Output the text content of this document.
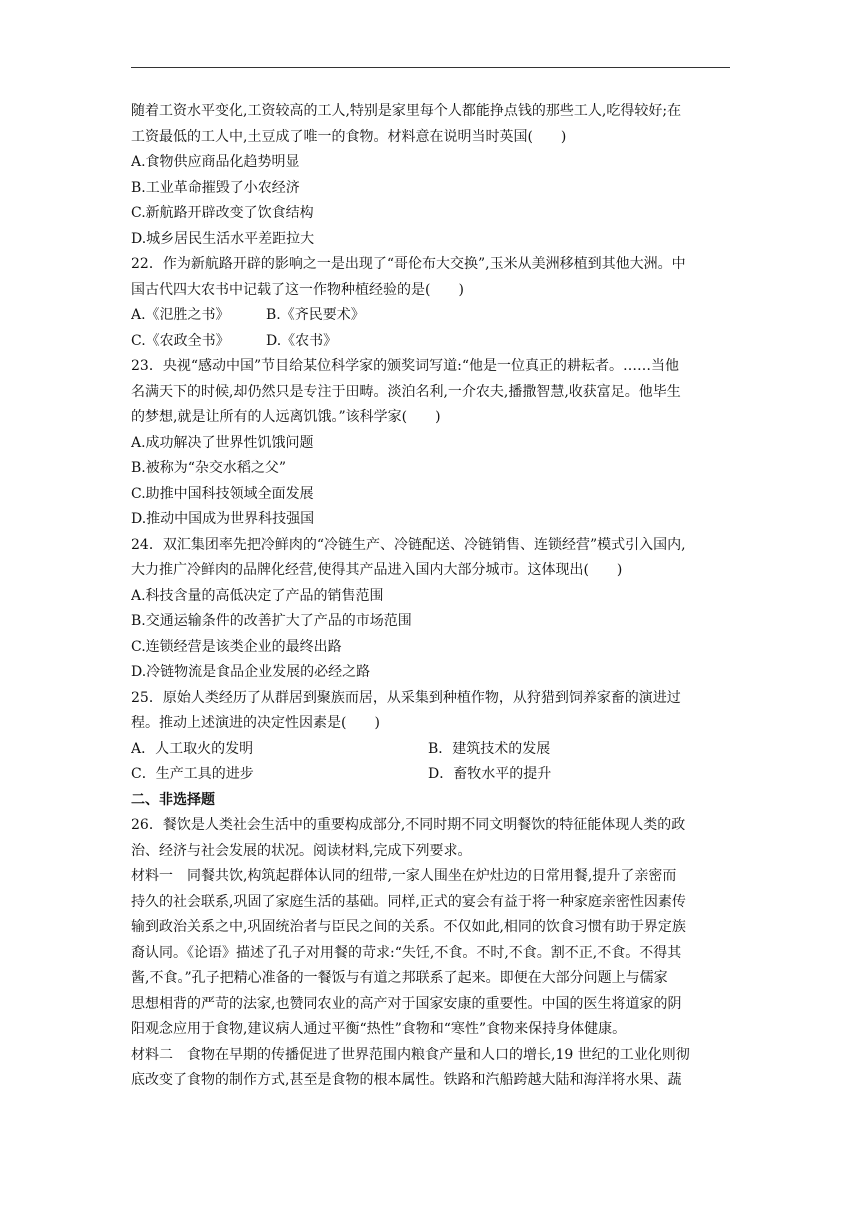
随着工资水平变化,工资较高的工人,特别是家里每个人都能挣点钱的那些工人,吃得较好;在
工资最低的工人中,土豆成了唯一的食物。材料意在说明当时英国(　　)
A.食物供应商品化趋势明显
B.工业革命摧毁了小农经济
C.新航路开辟改变了饮食结构
D.城乡居民生活水平差距拉大
22．作为新航路开辟的影响之一是出现了“哥伦布大交换”,玉米从美洲移植到其他大洲。中
国古代四大农书中记载了这一作物种植经验的是(　　)
A.《氾胜之书》	B.《齐民要术》
C.《农政全书》	D.《农书》
23．央视“感动中国”节目给某位科学家的颁奖词写道:“他是一位真正的耕耘者。……当他
名满天下的时候,却仍然只是专注于田畴。淡泊名利,一介农夫,播撒智慧,收获富足。他毕生
的梦想,就是让所有的人远离饥饿。”该科学家(　　)
A.成功解决了世界性饥饿问题
B.被称为“杂交水稻之父”
C.助推中国科技领域全面发展
D.推动中国成为世界科技强国
24．双汇集团率先把冷鲜肉的“冷链生产、冷链配送、冷链销售、连锁经营”模式引入国内,
大力推广冷鲜肉的品牌化经营,使得其产品进入国内大部分城市。这体现出(　　)
A.科技含量的高低决定了产品的销售范围
B.交通运输条件的改善扩大了产品的市场范围
C.连锁经营是该类企业的最终出路
D.冷链物流是食品企业发展的必经之路
25．原始人类经历了从群居到聚族而居，从采集到种植作物，从狩猎到饲养家畜的演进过
程。推动上述演进的决定性因素是(　　)
A．人工取火的发明	B．建筑技术的发展
C．生产工具的进步	D．畜牧水平的提升
二、非选择题
26．餐饮是人类社会生活中的重要构成部分,不同时期不同文明餐饮的特征能体现人类的政
治、经济与社会发展的状况。阅读材料,完成下列要求。
材料一　同餐共饮,构筑起群体认同的纽带,一家人围坐在炉灶边的日常用餐,提升了亲密而
持久的社会联系,巩固了家庭生活的基础。同样,正式的宴会有益于将一种家庭亲密性因素传
输到政治关系之中,巩固统治者与臣民之间的关系。不仅如此,相同的饮食习惯有助于界定族
裔认同。《论语》描述了孔子对用餐的苛求:“失饪,不食。不时,不食。割不正,不食。不得其
酱,不食。”孔子把精心准备的一餐饭与有道之邦联系了起来。即便在大部分问题上与儒家
思想相背的严苛的法家,也赞同农业的高产对于国家安康的重要性。中国的医生将道家的阴
阳观念应用于食物,建议病人通过平衡“热性”食物和“寒性”食物来保持身体健康。
材料二　食物在早期的传播促进了世界范围内粮食产量和人口的增长,19 世纪的工业化则彻
底改变了食物的制作方式,甚至是食物的根本属性。铁路和汽船跨越大陆和海洋将水果、蔬
